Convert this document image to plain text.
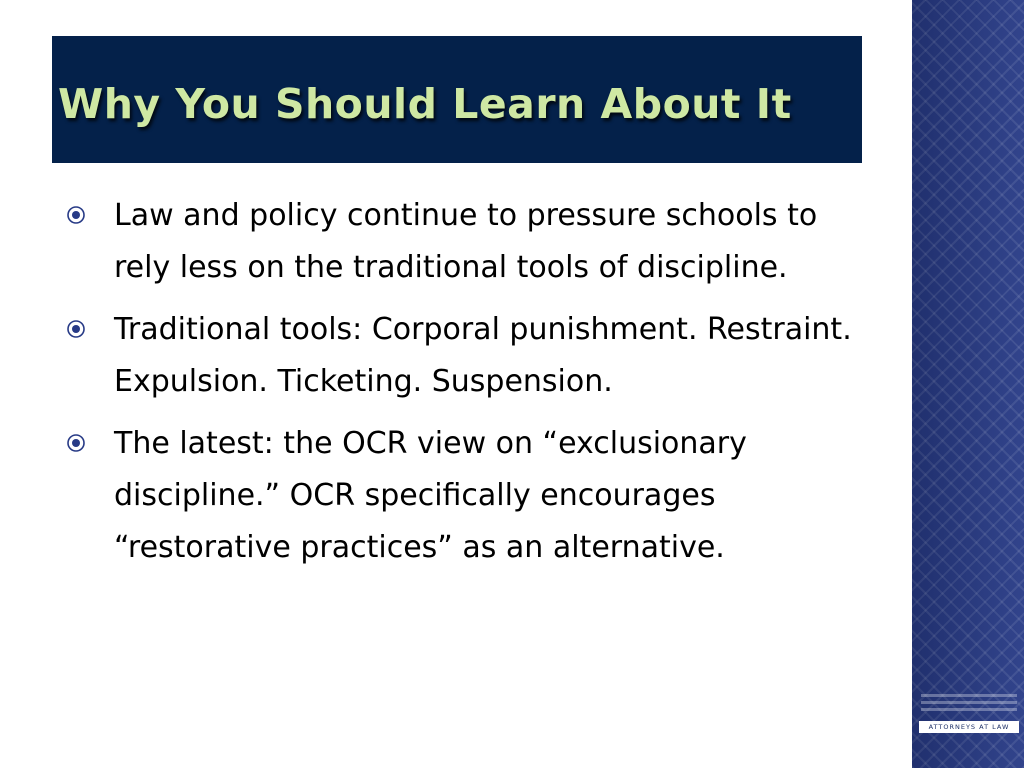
Why You Should Learn About It
Law and policy continue to pressure schools to rely less on the traditional tools of discipline.
Traditional tools: Corporal punishment. Restraint. Expulsion. Ticketing. Suspension.
The latest: the OCR view on “exclusionary discipline.” OCR specifically encourages “restorative practices” as an alternative.
ATTORNEYS AT LAW
